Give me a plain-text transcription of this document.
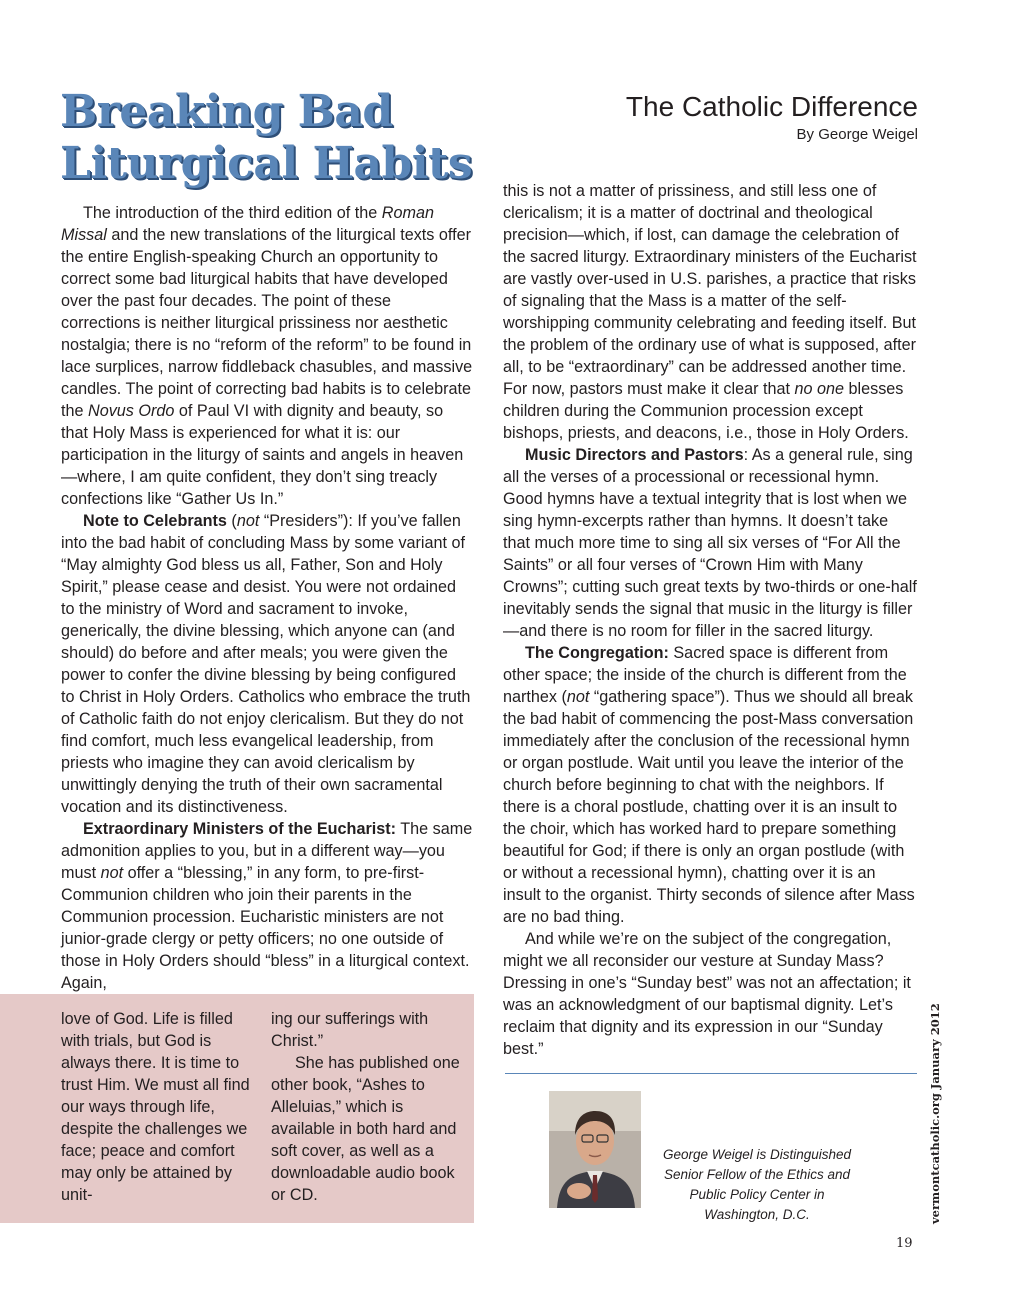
Breaking Bad
Liturgical Habits
The Catholic Difference
By George Weigel

The introduction of the third edition of the Roman Missal and the new translations of the liturgical texts offer the entire English-speaking Church an opportunity to correct some bad liturgical habits that have developed over the past four decades. The point of these corrections is neither liturgical prissiness nor aesthetic nostalgia; there is no “reform of the reform” to be found in lace surplices, narrow fiddleback chasubles, and massive candles. The point of correcting bad habits is to celebrate the Novus Ordo of Paul VI with dignity and beauty, so that Holy Mass is experienced for what it is: our participation in the liturgy of saints and angels in heaven—where, I am quite confident, they don’t sing treacly confections like “Gather Us In.”

Note to Celebrants (not “Presiders”): If you’ve fallen into the bad habit of concluding Mass by some variant of “May almighty God bless us all, Father, Son and Holy Spirit,” please cease and desist. You were not ordained to the ministry of Word and sacrament to invoke, generically, the divine blessing, which anyone can (and should) do before and after meals; you were given the power to confer the divine blessing by being configured to Christ in Holy Orders. Catholics who embrace the truth of Catholic faith do not enjoy clericalism. But they do not find comfort, much less evangelical leadership, from priests who imagine they can avoid clericalism by unwittingly denying the truth of their own sacramental vocation and its distinctiveness.

Extraordinary Ministers of the Eucharist: The same admonition applies to you, but in a different way—you must not offer a “blessing,” in any form, to pre-first-Communion children who join their parents in the Communion procession. Eucharistic ministers are not junior-grade clergy or petty officers; no one outside of those in Holy Orders should “bless” in a liturgical context. Again,

this is not a matter of prissiness, and still less one of clericalism; it is a matter of doctrinal and theological precision—which, if lost, can damage the celebration of the sacred liturgy. Extraordinary ministers of the Eucharist are vastly over-used in U.S. parishes, a practice that risks of signaling that the Mass is a matter of the self-worshipping community celebrating and feeding itself. But the problem of the ordinary use of what is supposed, after all, to be “extraordinary” can be addressed another time. For now, pastors must make it clear that no one blesses children during the Communion procession except bishops, priests, and deacons, i.e., those in Holy Orders.

Music Directors and Pastors: As a general rule, sing all the verses of a processional or recessional hymn. Good hymns have a textual integrity that is lost when we sing hymn-excerpts rather than hymns. It doesn’t take that much more time to sing all six verses of “For All the Saints” or all four verses of “Crown Him with Many Crowns”; cutting such great texts by two-thirds or one-half inevitably sends the signal that music in the liturgy is filler—and there is no room for filler in the sacred liturgy.

The Congregation: Sacred space is different from other space; the inside of the church is different from the narthex (not “gathering space”). Thus we should all break the bad habit of commencing the post-Mass conversation immediately after the conclusion of the recessional hymn or organ postlude. Wait until you leave the interior of the church before beginning to chat with the neighbors. If there is a choral postlude, chatting over it is an insult to the choir, which has worked hard to prepare something beautiful for God; if there is only an organ postlude (with or without a recessional hymn), chatting over it is an insult to the organist. Thirty seconds of silence after Mass are no bad thing.

And while we’re on the subject of the congregation, might we all reconsider our vesture at Sunday Mass? Dressing in one’s “Sunday best” was not an affectation; it was an acknowledgment of our baptismal dignity. Let’s reclaim that dignity and its expression in our “Sunday best.”

love of God. Life is filled with trials, but God is always there. It is time to trust Him. We must all find our ways through life, despite the challenges we face; peace and comfort may only be attained by unit-

ing our sufferings with Christ.”

She has published one other book, “Ashes to Alleluias,” which is available in both hard and soft cover, as well as a downloadable audio book or CD.

George Weigel is Distinguished Senior Fellow of the Ethics and Public Policy Center in Washington, D.C.	vermontcatholic.org January 2012
19
